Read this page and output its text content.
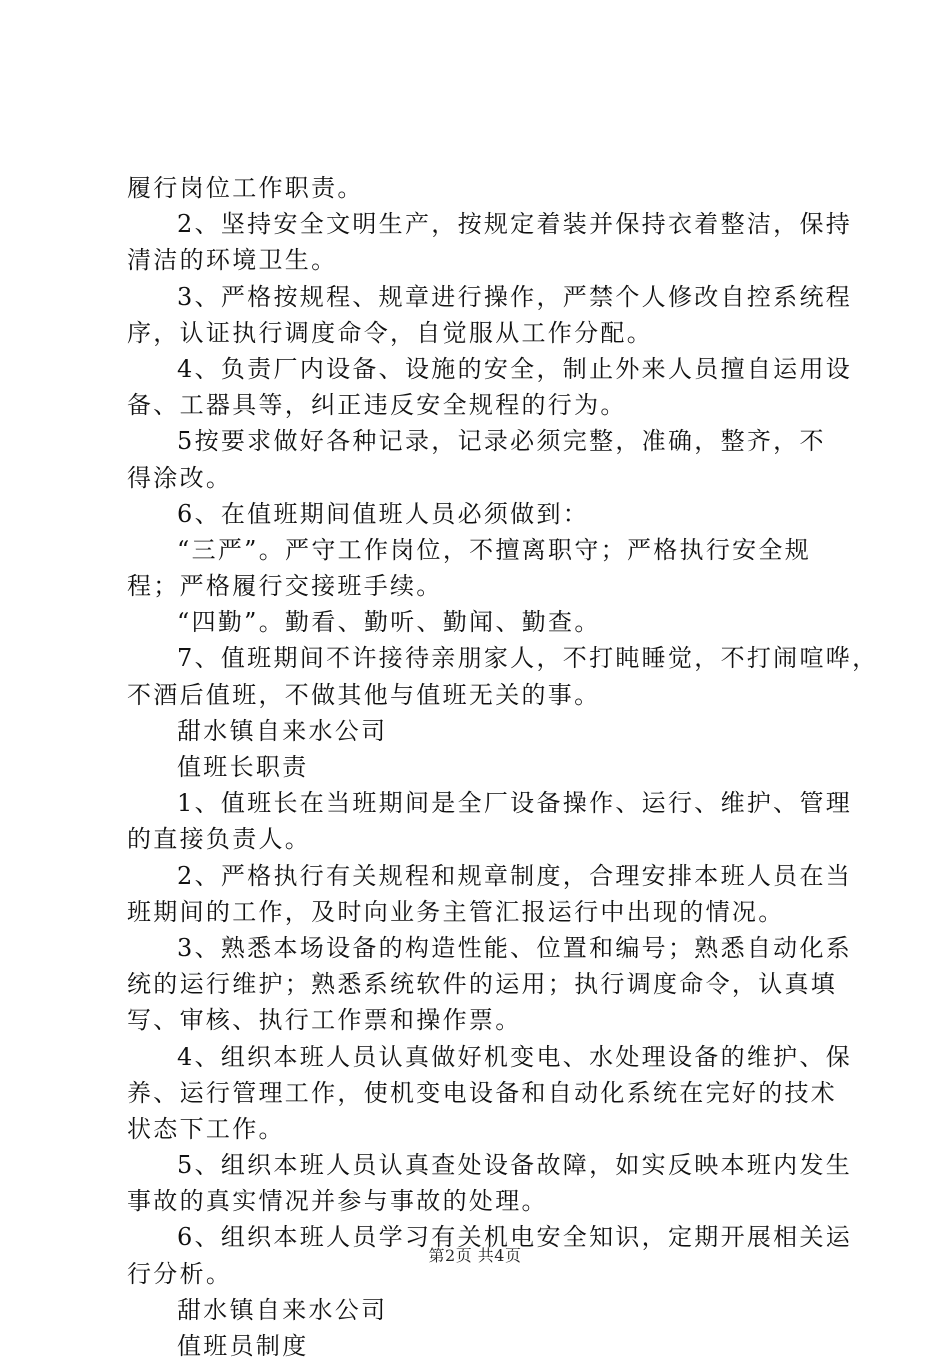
履行岗位工作职责。
2、坚持安全文明生产，按规定着装并保持衣着整洁，保持
清洁的环境卫生。
3、严格按规程、规章进行操作，严禁个人修改自控系统程
序，认证执行调度命令，自觉服从工作分配。
4、负责厂内设备、设施的安全，制止外来人员擅自运用设
备、工器具等，纠正违反安全规程的行为。
5按要求做好各种记录，记录必须完整，准确，整齐，不
得涂改。
6、在值班期间值班人员必须做到：
“三严”。严守工作岗位，不擅离职守；严格执行安全规
程；严格履行交接班手续。
“四勤”。勤看、勤听、勤闻、勤查。
7、值班期间不许接待亲朋家人，不打盹睡觉，不打闹喧哗，
不酒后值班，不做其他与值班无关的事。
甜水镇自来水公司
值班长职责
1、值班长在当班期间是全厂设备操作、运行、维护、管理
的直接负责人。
2、严格执行有关规程和规章制度，合理安排本班人员在当
班期间的工作，及时向业务主管汇报运行中出现的情况。
3、熟悉本场设备的构造性能、位置和编号；熟悉自动化系
统的运行维护；熟悉系统软件的运用；执行调度命令，认真填
写、审核、执行工作票和操作票。
4、组织本班人员认真做好机变电、水处理设备的维护、保
养、运行管理工作，使机变电设备和自动化系统在完好的技术
状态下工作。
5、组织本班人员认真查处设备故障，如实反映本班内发生
事故的真实情况并参与事故的处理。
6、组织本班人员学习有关机电安全知识，定期开展相关运
行分析。
甜水镇自来水公司
值班员制度
第2页 共4页
